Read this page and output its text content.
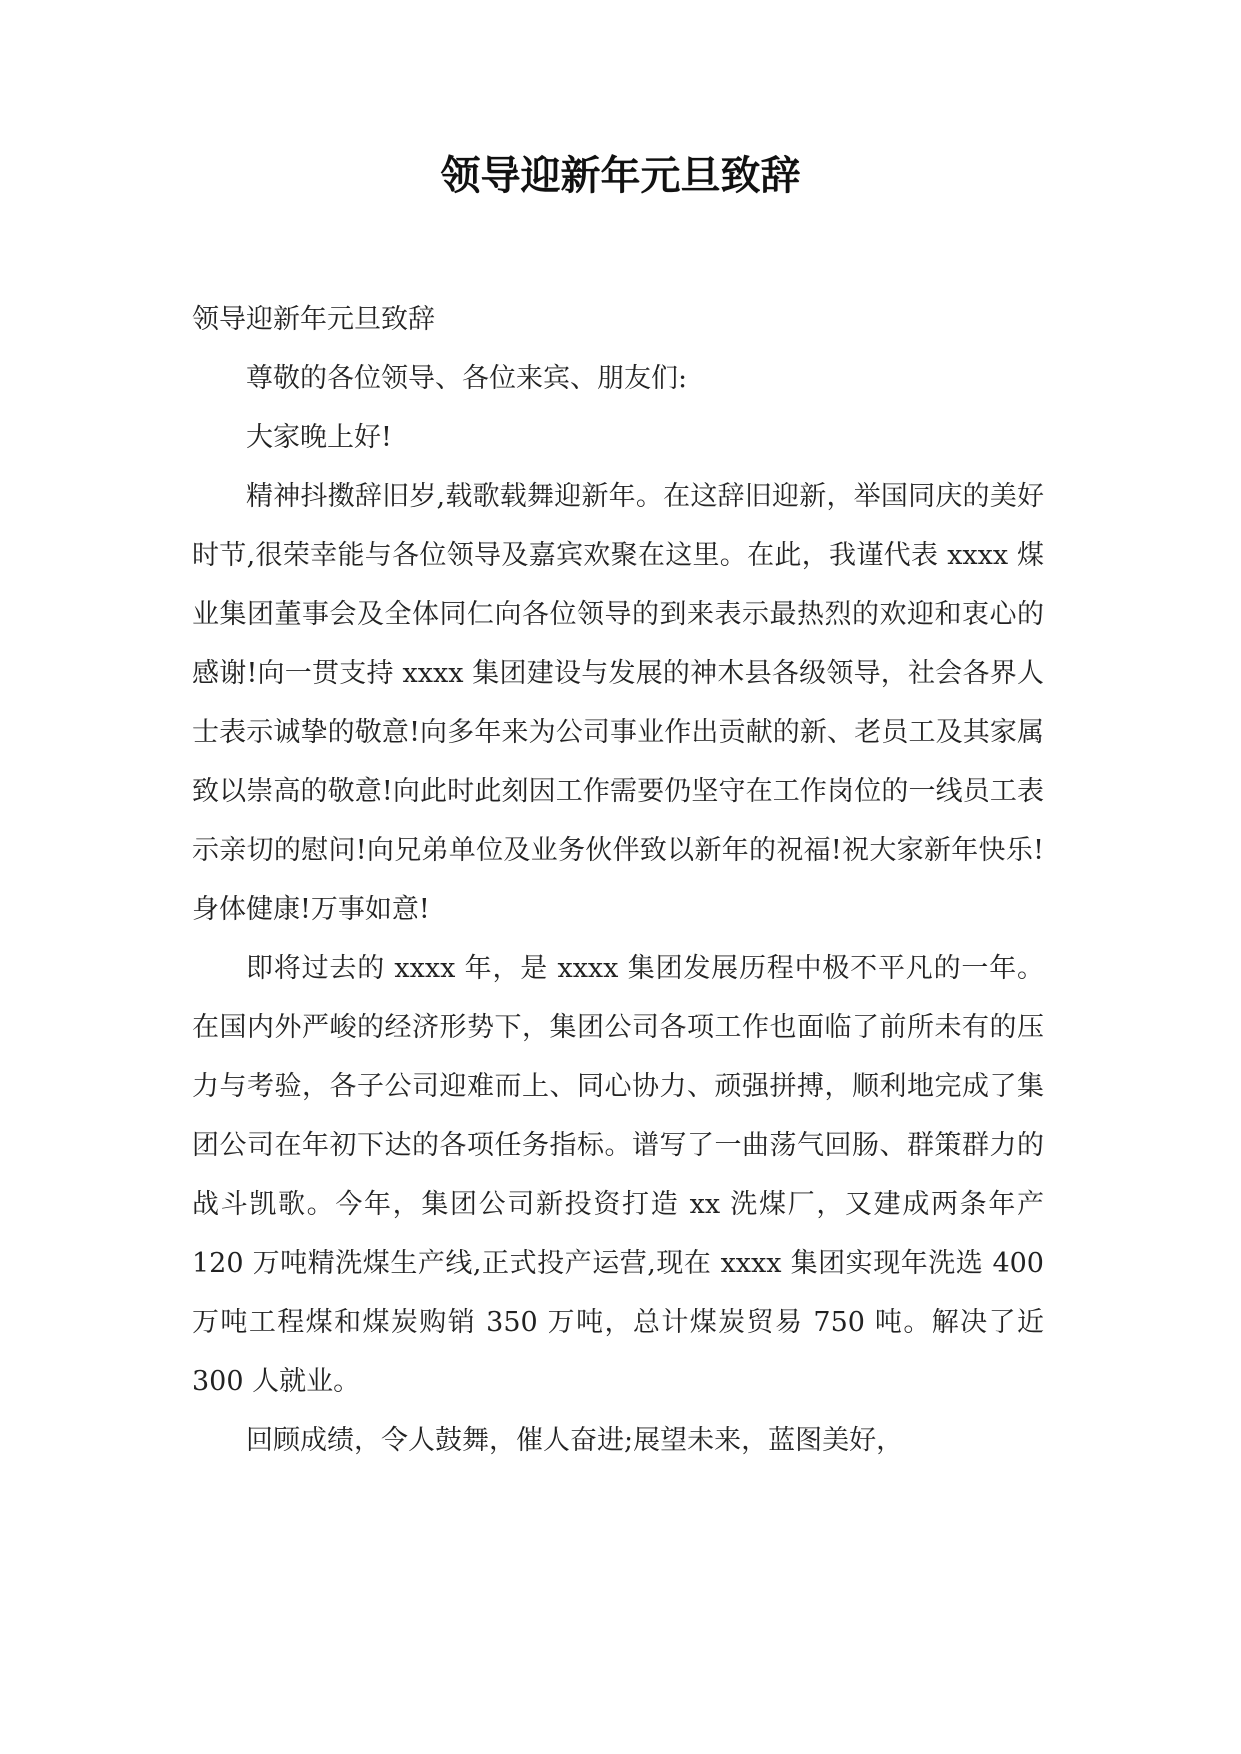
领导迎新年元旦致辞

领导迎新年元旦致辞

尊敬的各位领导、各位来宾、朋友们:

大家晚上好!

精神抖擞辞旧岁,载歌载舞迎新年。在这辞旧迎新，举国同庆的美好时节,很荣幸能与各位领导及嘉宾欢聚在这里。在此，我谨代表 xxxx 煤业集团董事会及全体同仁向各位领导的到来表示最热烈的欢迎和衷心的感谢!向一贯支持 xxxx 集团建设与发展的神木县各级领导，社会各界人士表示诚挚的敬意!向多年来为公司事业作出贡献的新、老员工及其家属致以崇高的敬意!向此时此刻因工作需要仍坚守在工作岗位的一线员工表示亲切的慰问!向兄弟单位及业务伙伴致以新年的祝福!祝大家新年快乐!身体健康!万事如意!

即将过去的 xxxx 年，是 xxxx 集团发展历程中极不平凡的一年。在国内外严峻的经济形势下，集团公司各项工作也面临了前所未有的压力与考验，各子公司迎难而上、同心协力、顽强拼搏，顺利地完成了集团公司在年初下达的各项任务指标。谱写了一曲荡气回肠、群策群力的战斗凯歌。今年，集团公司新投资打造 xx 洗煤厂，又建成两条年产 120 万吨精洗煤生产线,正式投产运营,现在 xxxx 集团实现年洗选 400 万吨工程煤和煤炭购销 350 万吨，总计煤炭贸易 750 吨。解决了近 300 人就业。

回顾成绩，令人鼓舞，催人奋进;展望未来，蓝图美好，
